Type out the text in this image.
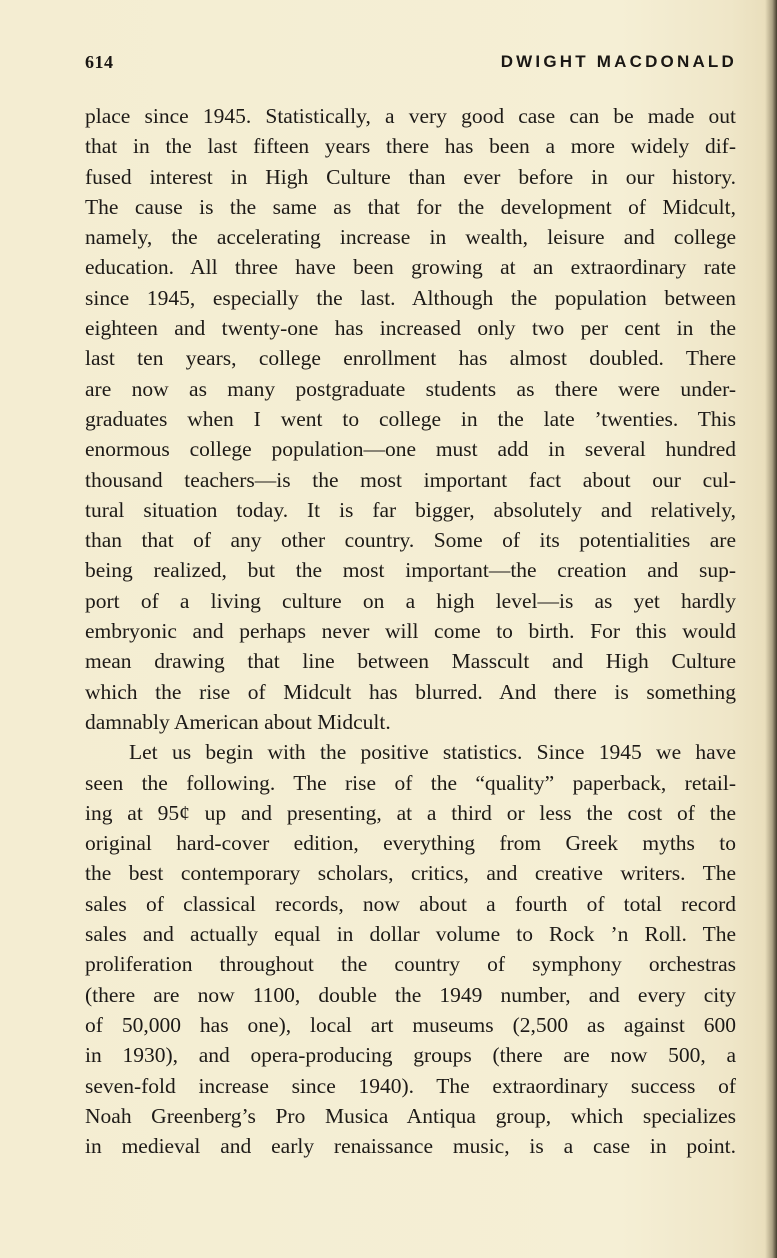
614	DWIGHT MACDONALD
place since 1945. Statistically, a very good case can be made out
that in the last fifteen years there has been a more widely dif-
fused interest in High Culture than ever before in our history.
The cause is the same as that for the development of Midcult,
namely, the accelerating increase in wealth, leisure and college
education. All three have been growing at an extraordinary rate
since 1945, especially the last. Although the population between
eighteen and twenty-one has increased only two per cent in the
last ten years, college enrollment has almost doubled. There
are now as many postgraduate students as there were under-
graduates when I went to college in the late ’twenties. This
enormous college population—one must add in several hundred
thousand teachers—is the most important fact about our cul-
tural situation today. It is far bigger, absolutely and relatively,
than that of any other country. Some of its potentialities are
being realized, but the most important—the creation and sup-
port of a living culture on a high level—is as yet hardly
embryonic and perhaps never will come to birth. For this would
mean drawing that line between Masscult and High Culture
which the rise of Midcult has blurred. And there is something
damnably American about Midcult.
Let us begin with the positive statistics. Since 1945 we have
seen the following. The rise of the “quality” paperback, retail-
ing at 95¢ up and presenting, at a third or less the cost of the
original hard-cover edition, everything from Greek myths to
the best contemporary scholars, critics, and creative writers. The
sales of classical records, now about a fourth of total record
sales and actually equal in dollar volume to Rock ’n Roll. The
proliferation throughout the country of symphony orchestras
(there are now 1100, double the 1949 number, and every city
of 50,000 has one), local art museums (2,500 as against 600
in 1930), and opera-producing groups (there are now 500, a
seven-fold increase since 1940). The extraordinary success of
Noah Greenberg’s Pro Musica Antiqua group, which specializes
in medieval and early renaissance music, is a case in point.
